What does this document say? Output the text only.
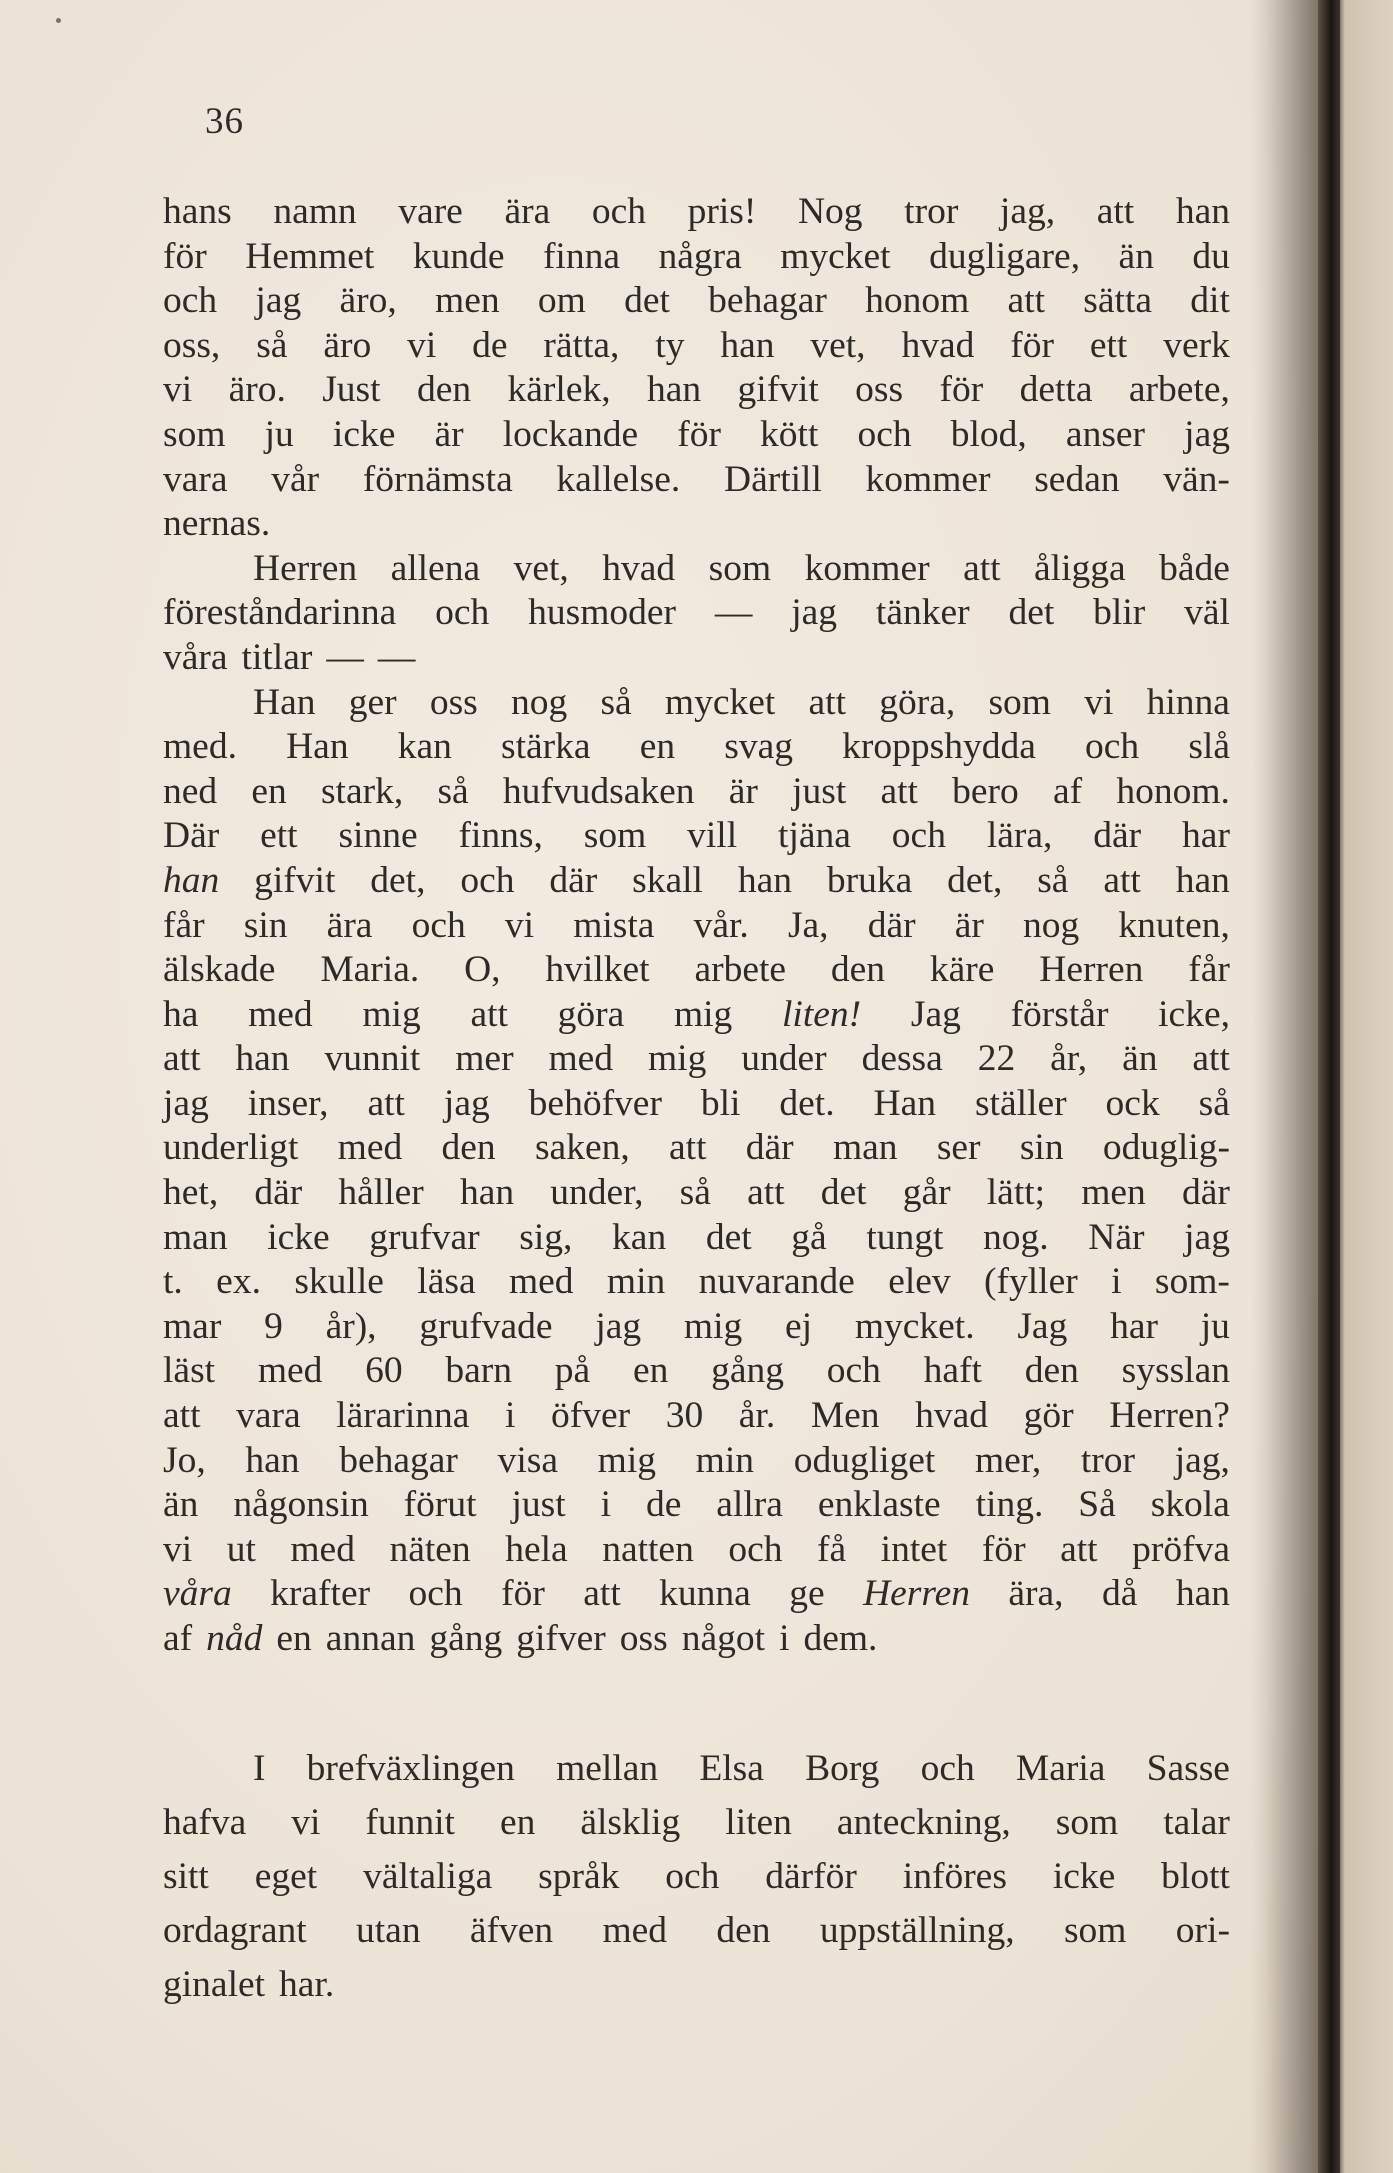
36
hans namn vare ära och pris! Nog tror jag, att han
för Hemmet kunde finna några mycket dugligare, än du
och jag äro, men om det behagar honom att sätta dit
oss, så äro vi de rätta, ty han vet, hvad för ett verk
vi äro. Just den kärlek, han gifvit oss för detta arbete,
som ju icke är lockande för kött och blod, anser jag
vara vår förnämsta kallelse. Därtill kommer sedan vän-
nernas.
Herren allena vet, hvad som kommer att åligga både
föreståndarinna och husmoder — jag tänker det blir väl
våra titlar — —
Han ger oss nog så mycket att göra, som vi hinna
med. Han kan stärka en svag kroppshydda och slå
ned en stark, så hufvudsaken är just att bero af honom.
Där ett sinne finns, som vill tjäna och lära, där har
han gifvit det, och där skall han bruka det, så att han
får sin ära och vi mista vår. Ja, där är nog knuten,
älskade Maria. O, hvilket arbete den käre Herren får
ha med mig att göra mig liten! Jag förstår icke,
att han vunnit mer med mig under dessa 22 år, än att
jag inser, att jag behöfver bli det. Han ställer ock så
underligt med den saken, att där man ser sin oduglig-
het, där håller han under, så att det går lätt; men där
man icke grufvar sig, kan det gå tungt nog. När jag
t. ex. skulle läsa med min nuvarande elev (fyller i som-
mar 9 år), grufvade jag mig ej mycket. Jag har ju
läst med 60 barn på en gång och haft den sysslan
att vara lärarinna i öfver 30 år. Men hvad gör Herren?
Jo, han behagar visa mig min odugliget mer, tror jag,
än någonsin förut just i de allra enklaste ting. Så skola
vi ut med näten hela natten och få intet för att pröfva
våra krafter och för att kunna ge Herren ära, då han
af nåd en annan gång gifver oss något i dem.
I brefväxlingen mellan Elsa Borg och Maria Sasse
hafva vi funnit en älsklig liten anteckning, som talar
sitt eget vältaliga språk och därför införes icke blott
ordagrant utan äfven med den uppställning, som ori-
ginalet har.
